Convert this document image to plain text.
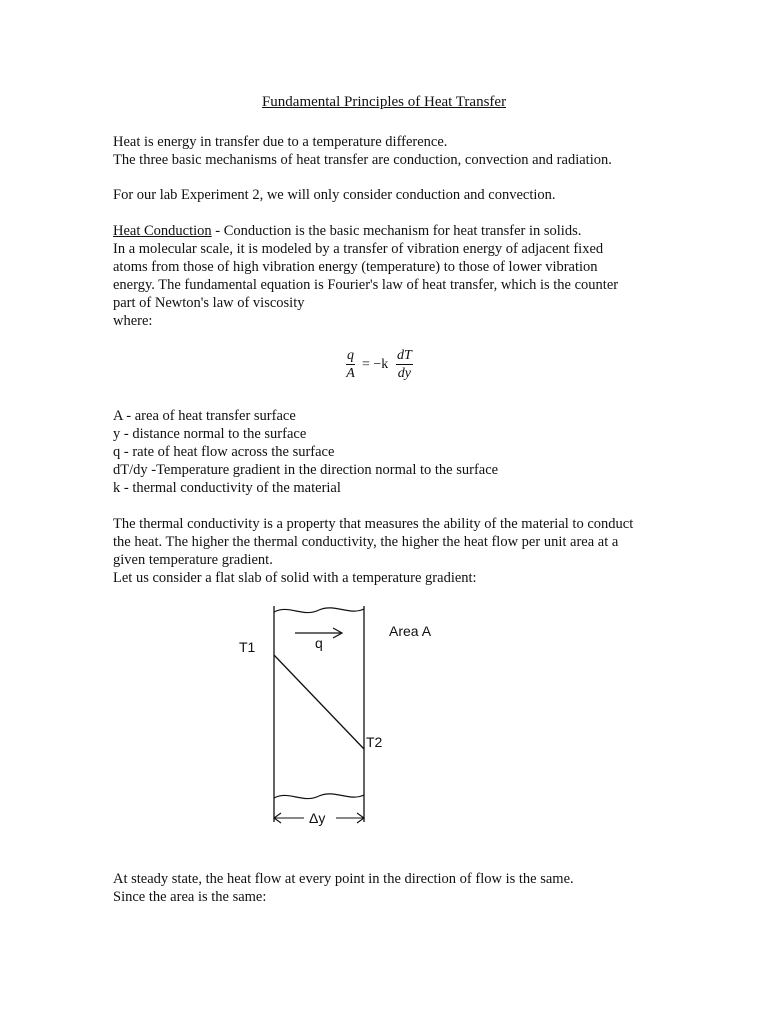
Fundamental Principles of Heat Transfer

Heat is energy in transfer due to a temperature difference.

The three basic mechanisms of heat transfer are conduction, convection and radiation.

For our lab Experiment 2, we will only consider conduction and convection.

Heat Conduction - Conduction is the basic mechanism for heat transfer in solids.

In a molecular scale, it is modeled by a transfer of vibration energy of adjacent fixed

atoms from those of high vibration energy (temperature) to those of lower vibration

energy. The fundamental equation is Fourier's law of heat transfer, which is the counter

part of Newton's law of viscosity

where:

$\frac{q}{A} = -k \frac{dT}{dy}$

A - area of heat transfer surface

y - distance normal to the surface

q - rate of heat flow across the surface

dT/dy -Temperature gradient in the direction normal to the surface

k - thermal conductivity of the material

The thermal conductivity is a property that measures the ability of the material to conduct

the heat. The higher the thermal conductivity, the higher the heat flow per unit area at a

given temperature gradient.

Let us consider a flat slab of solid with a temperature gradient:

T1	q
Area A
T2
Δy

At steady state, the heat flow at every point in the direction of flow is the same.

Since the area is the same:
